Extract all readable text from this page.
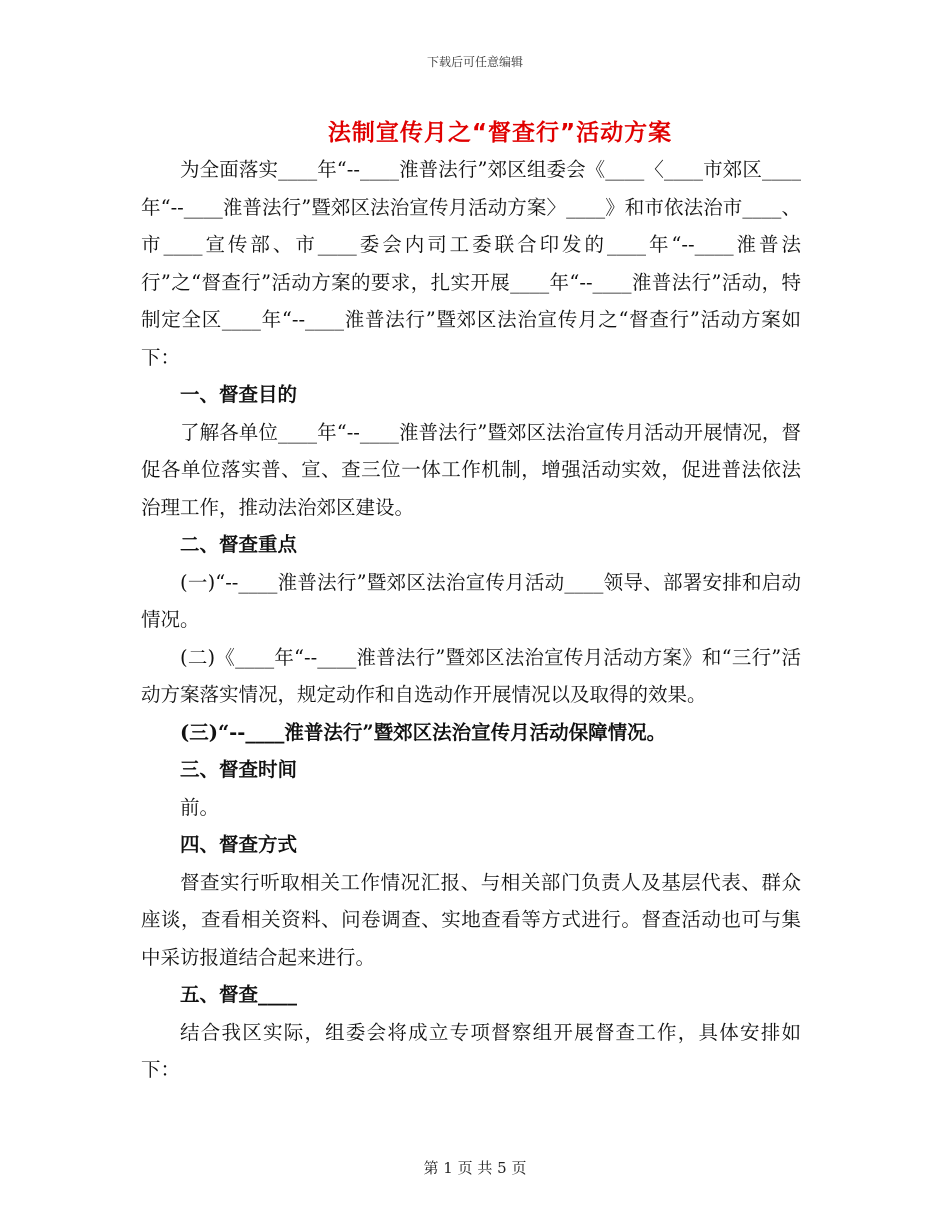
下载后可任意编辑
法制宣传月之“督查行”活动方案

为全面落实____年“--____淮普法行”郊区组委会《____〈____市郊区____年“--____淮普法行”暨郊区法治宣传月活动方案〉____》和市依法治市____、市____宣传部、市____委会内司工委联合印发的____年“--____淮普法行”之“督查行”活动方案的要求，扎实开展____年“--____淮普法行”活动，特制定全区____年“--____淮普法行”暨郊区法治宣传月之“督查行”活动方案如下：

一、督查目的

了解各单位____年“--____淮普法行”暨郊区法治宣传月活动开展情况，督促各单位落实普、宣、查三位一体工作机制，增强活动实效，促进普法依法治理工作，推动法治郊区建设。

二、督查重点

(一)“--____淮普法行”暨郊区法治宣传月活动____领导、部署安排和启动情况。

(二)《____年“--____淮普法行”暨郊区法治宣传月活动方案》和“三行”活动方案落实情况，规定动作和自选动作开展情况以及取得的效果。

(三)“--____淮普法行”暨郊区法治宣传月活动保障情况。

三、督查时间

前。

四、督查方式

督查实行听取相关工作情况汇报、与相关部门负责人及基层代表、群众座谈，查看相关资料、问卷调查、实地查看等方式进行。督查活动也可与集中采访报道结合起来进行。

五、督查____

结合我区实际，组委会将成立专项督察组开展督查工作，具体安排如下：

第 1 页 共 5 页
